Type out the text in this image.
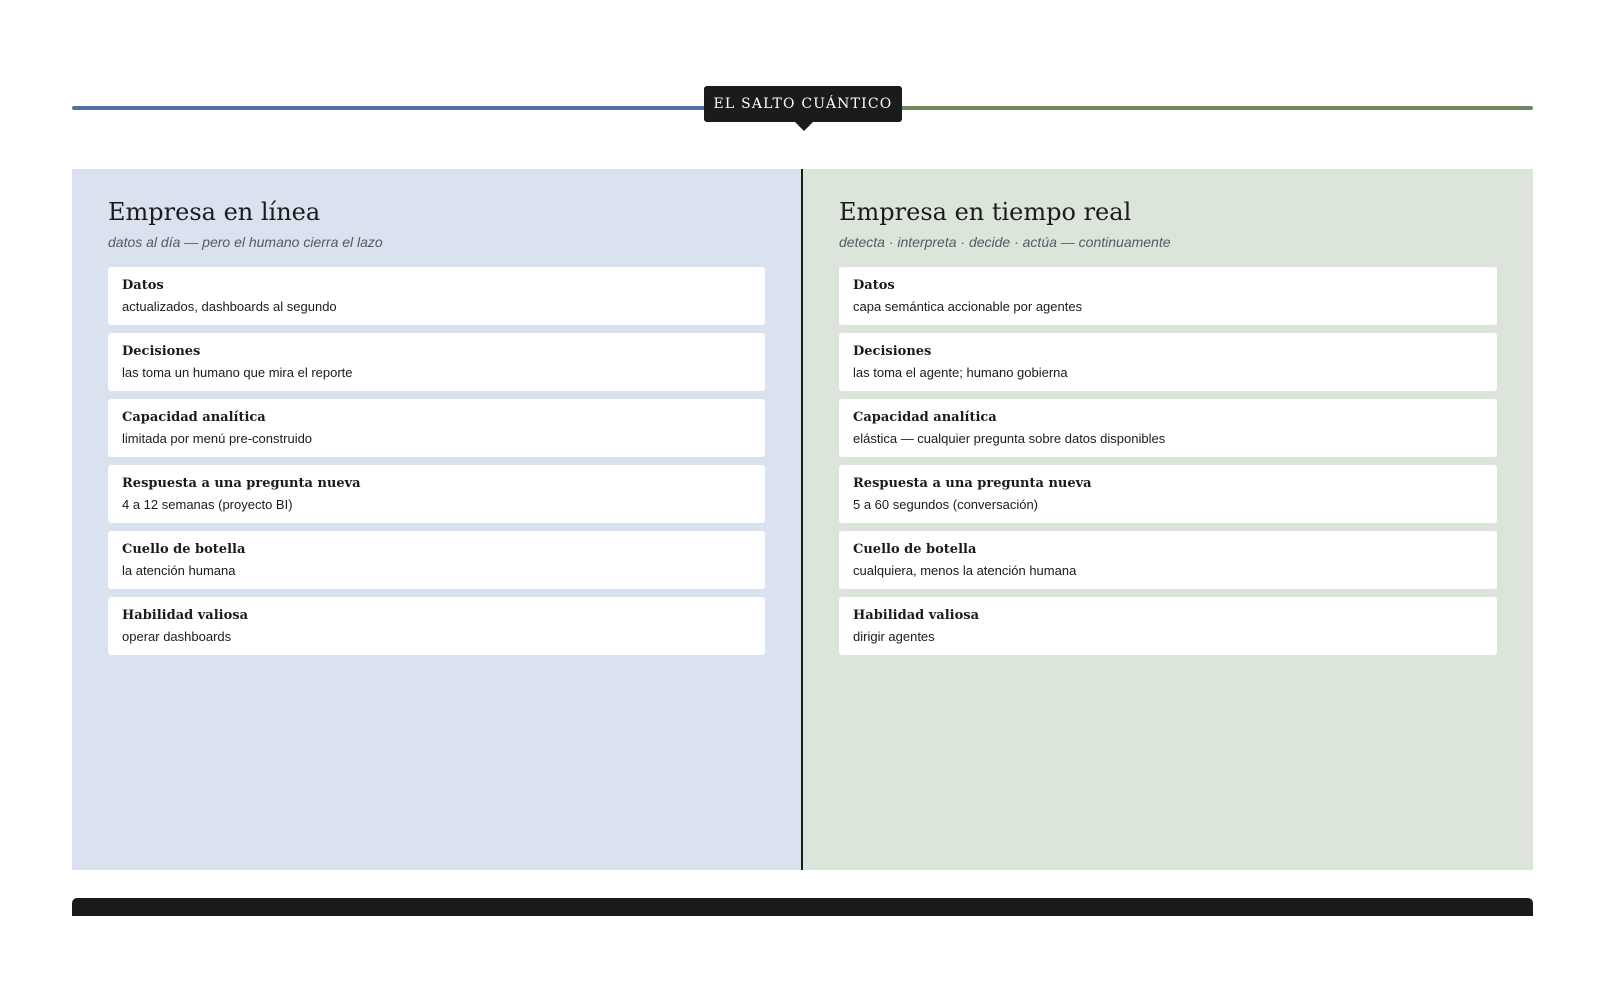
EL SALTO CUÁNTICO
Empresa en línea
datos al día — pero el humano cierra el lazo
Datos
actualizados, dashboards al segundo
Decisiones
las toma un humano que mira el reporte
Capacidad analítica
limitada por menú pre-construido
Respuesta a una pregunta nueva
4 a 12 semanas (proyecto BI)
Cuello de botella
la atención humana
Habilidad valiosa
operar dashboards
Empresa en tiempo real
detecta · interpreta · decide · actúa — continuamente
Datos
capa semántica accionable por agentes
Decisiones
las toma el agente; humano gobierna
Capacidad analítica
elástica — cualquier pregunta sobre datos disponibles
Respuesta a una pregunta nueva
5 a 60 segundos (conversación)
Cuello de botella
cualquiera, menos la atención humana
Habilidad valiosa
dirigir agentes
